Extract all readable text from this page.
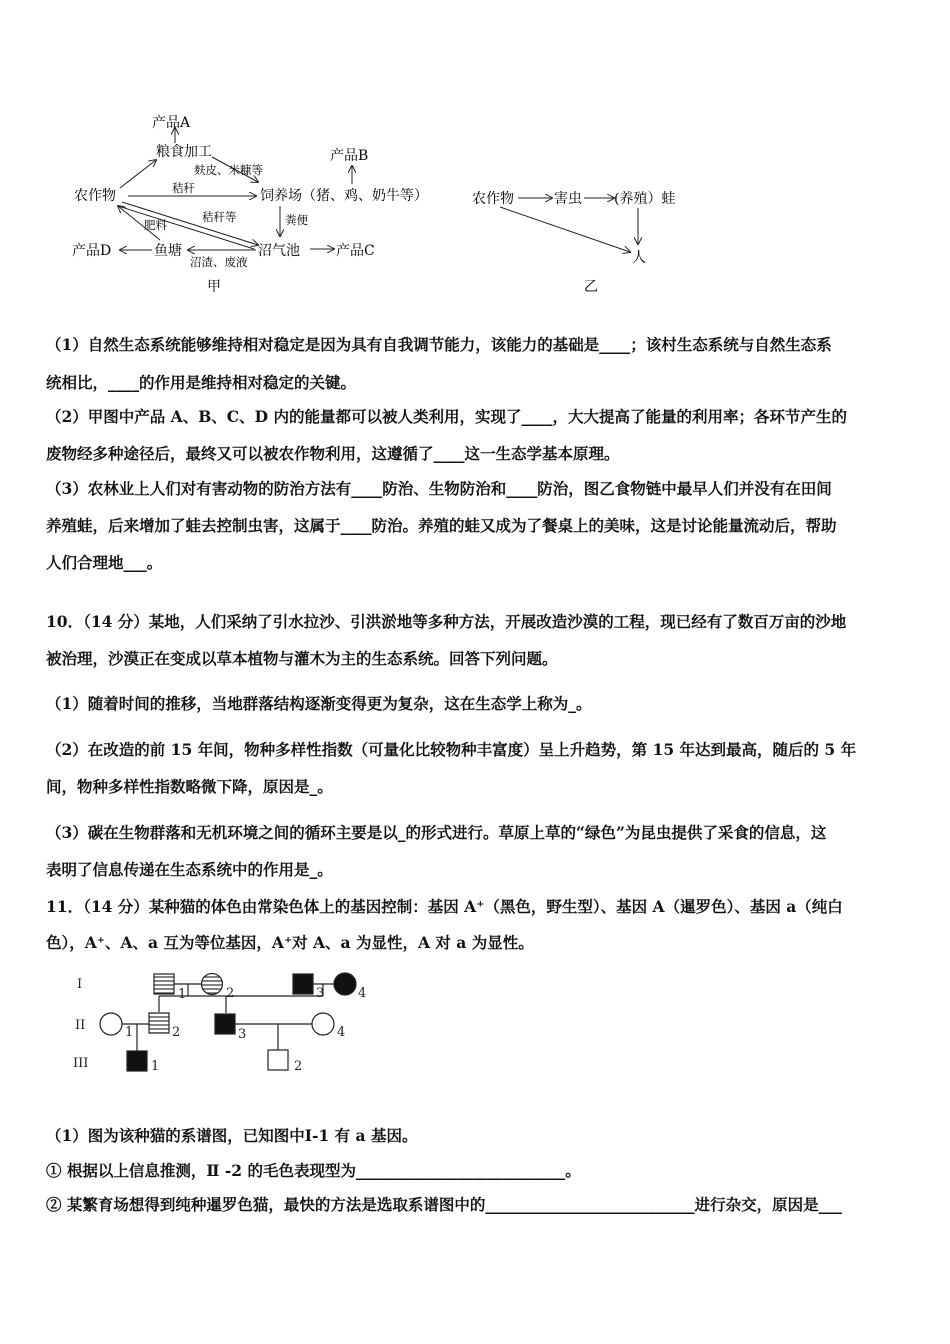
产品A
粮食加工
麸皮、米糠等
产品B
农作物	秸秆	饲养场（猪、鸡、奶牛等）
秸秆等	粪便
肥料
产品D	鱼塘	沼气池	产品C
沼渣、废液
甲
农作物	害虫 (养殖）蛙
人
乙
（1）自然生态系统能够维持相对稳定是因为具有自我调节能力，该能力的基础是____；该村生态系统与自然生态系
统相比，____的作用是维持相对稳定的关键。
（2）甲图中产品 A、B、C、D 内的能量都可以被人类利用，实现了____，大大提高了能量的利用率；各环节产生的
废物经多种途径后，最终又可以被农作物利用，这遵循了____这一生态学基本原理。
（3）农林业上人们对有害动物的防治方法有____防治、生物防治和____防治，图乙食物链中最早人们并没有在田间
养殖蛙，后来增加了蛙去控制虫害，这属于____防治。养殖的蛙又成为了餐桌上的美味，这是讨论能量流动后，帮助
人们合理地___。
10．（14 分）某地，人们采纳了引水拉沙、引洪淤地等多种方法，开展改造沙漠的工程，现已经有了数百万亩的沙地
被治理，沙漠正在变成以草本植物与灌木为主的生态系统。回答下列问题。
（1）随着时间的推移，当地群落结构逐渐变得更为复杂，这在生态学上称为_。
（2）在改造的前 15 年间，物种多样性指数（可量化比较物种丰富度）呈上升趋势，第 15 年达到最高，随后的 5 年
间，物种多样性指数略微下降，原因是_。
（3）碳在生物群落和无机环境之间的循环主要是以_的形式进行。草原上草的“绿色”为昆虫提供了采食的信息，这
表明了信息传递在生态系统中的作用是_。
11．（14 分）某种猫的体色由常染色体上的基因控制：基因 A⁺（黑色，野生型）、基因 A（暹罗色）、基因 a（纯白
色），A⁺、A、a 互为等位基因，A⁺对 A、a 为显性，A 对 a 为显性。
I
II
III
1	2	3	4
1	2	3	4
1	2
（1）图为该种猫的系谱图，已知图中Ⅰ-1 有 a 基因。
① 根据以上信息推测，Ⅱ -2 的毛色表现型为___________________________。
② 某繁育场想得到纯种暹罗色猫，最快的方法是选取系谱图中的___________________________进行杂交，原因是___
